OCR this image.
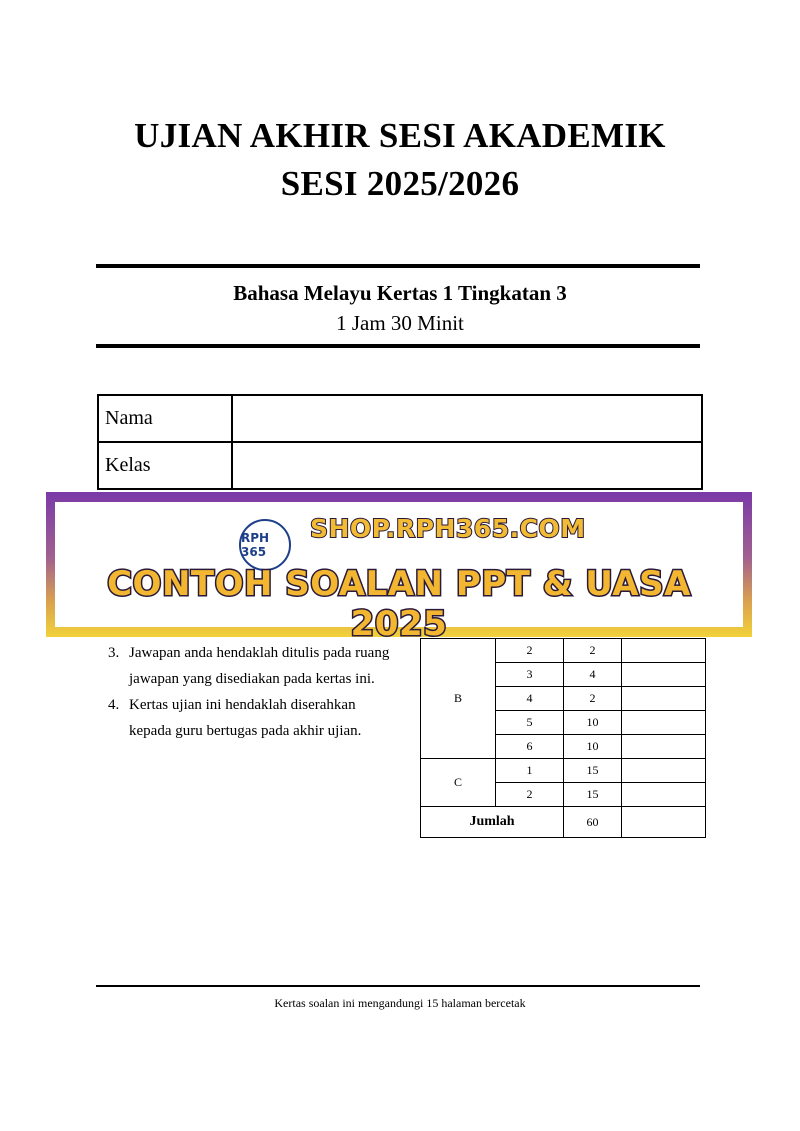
UJIAN AKHIR SESI AKADEMIK
SESI 2025/2026
Bahasa Melayu Kertas 1 Tingkatan 3
1 Jam 30 Minit
Nama	
Kelas	
3. Jawapan anda hendaklah ditulis pada ruang jawapan yang disediakan pada kertas ini.
4. Kertas ujian ini hendaklah diserahkan kepada guru bertugas pada akhir ujian.
B	2	2	
	3	4	
	4	2	
	5	10	
	6	10	
C	1	15	
	2	15	
Jumlah		60	
Kertas soalan ini mengandungi 15 halaman bercetak
RPH 365
SHOP.RPH365.COM
CONTOH SOALAN PPT & UASA 2025
